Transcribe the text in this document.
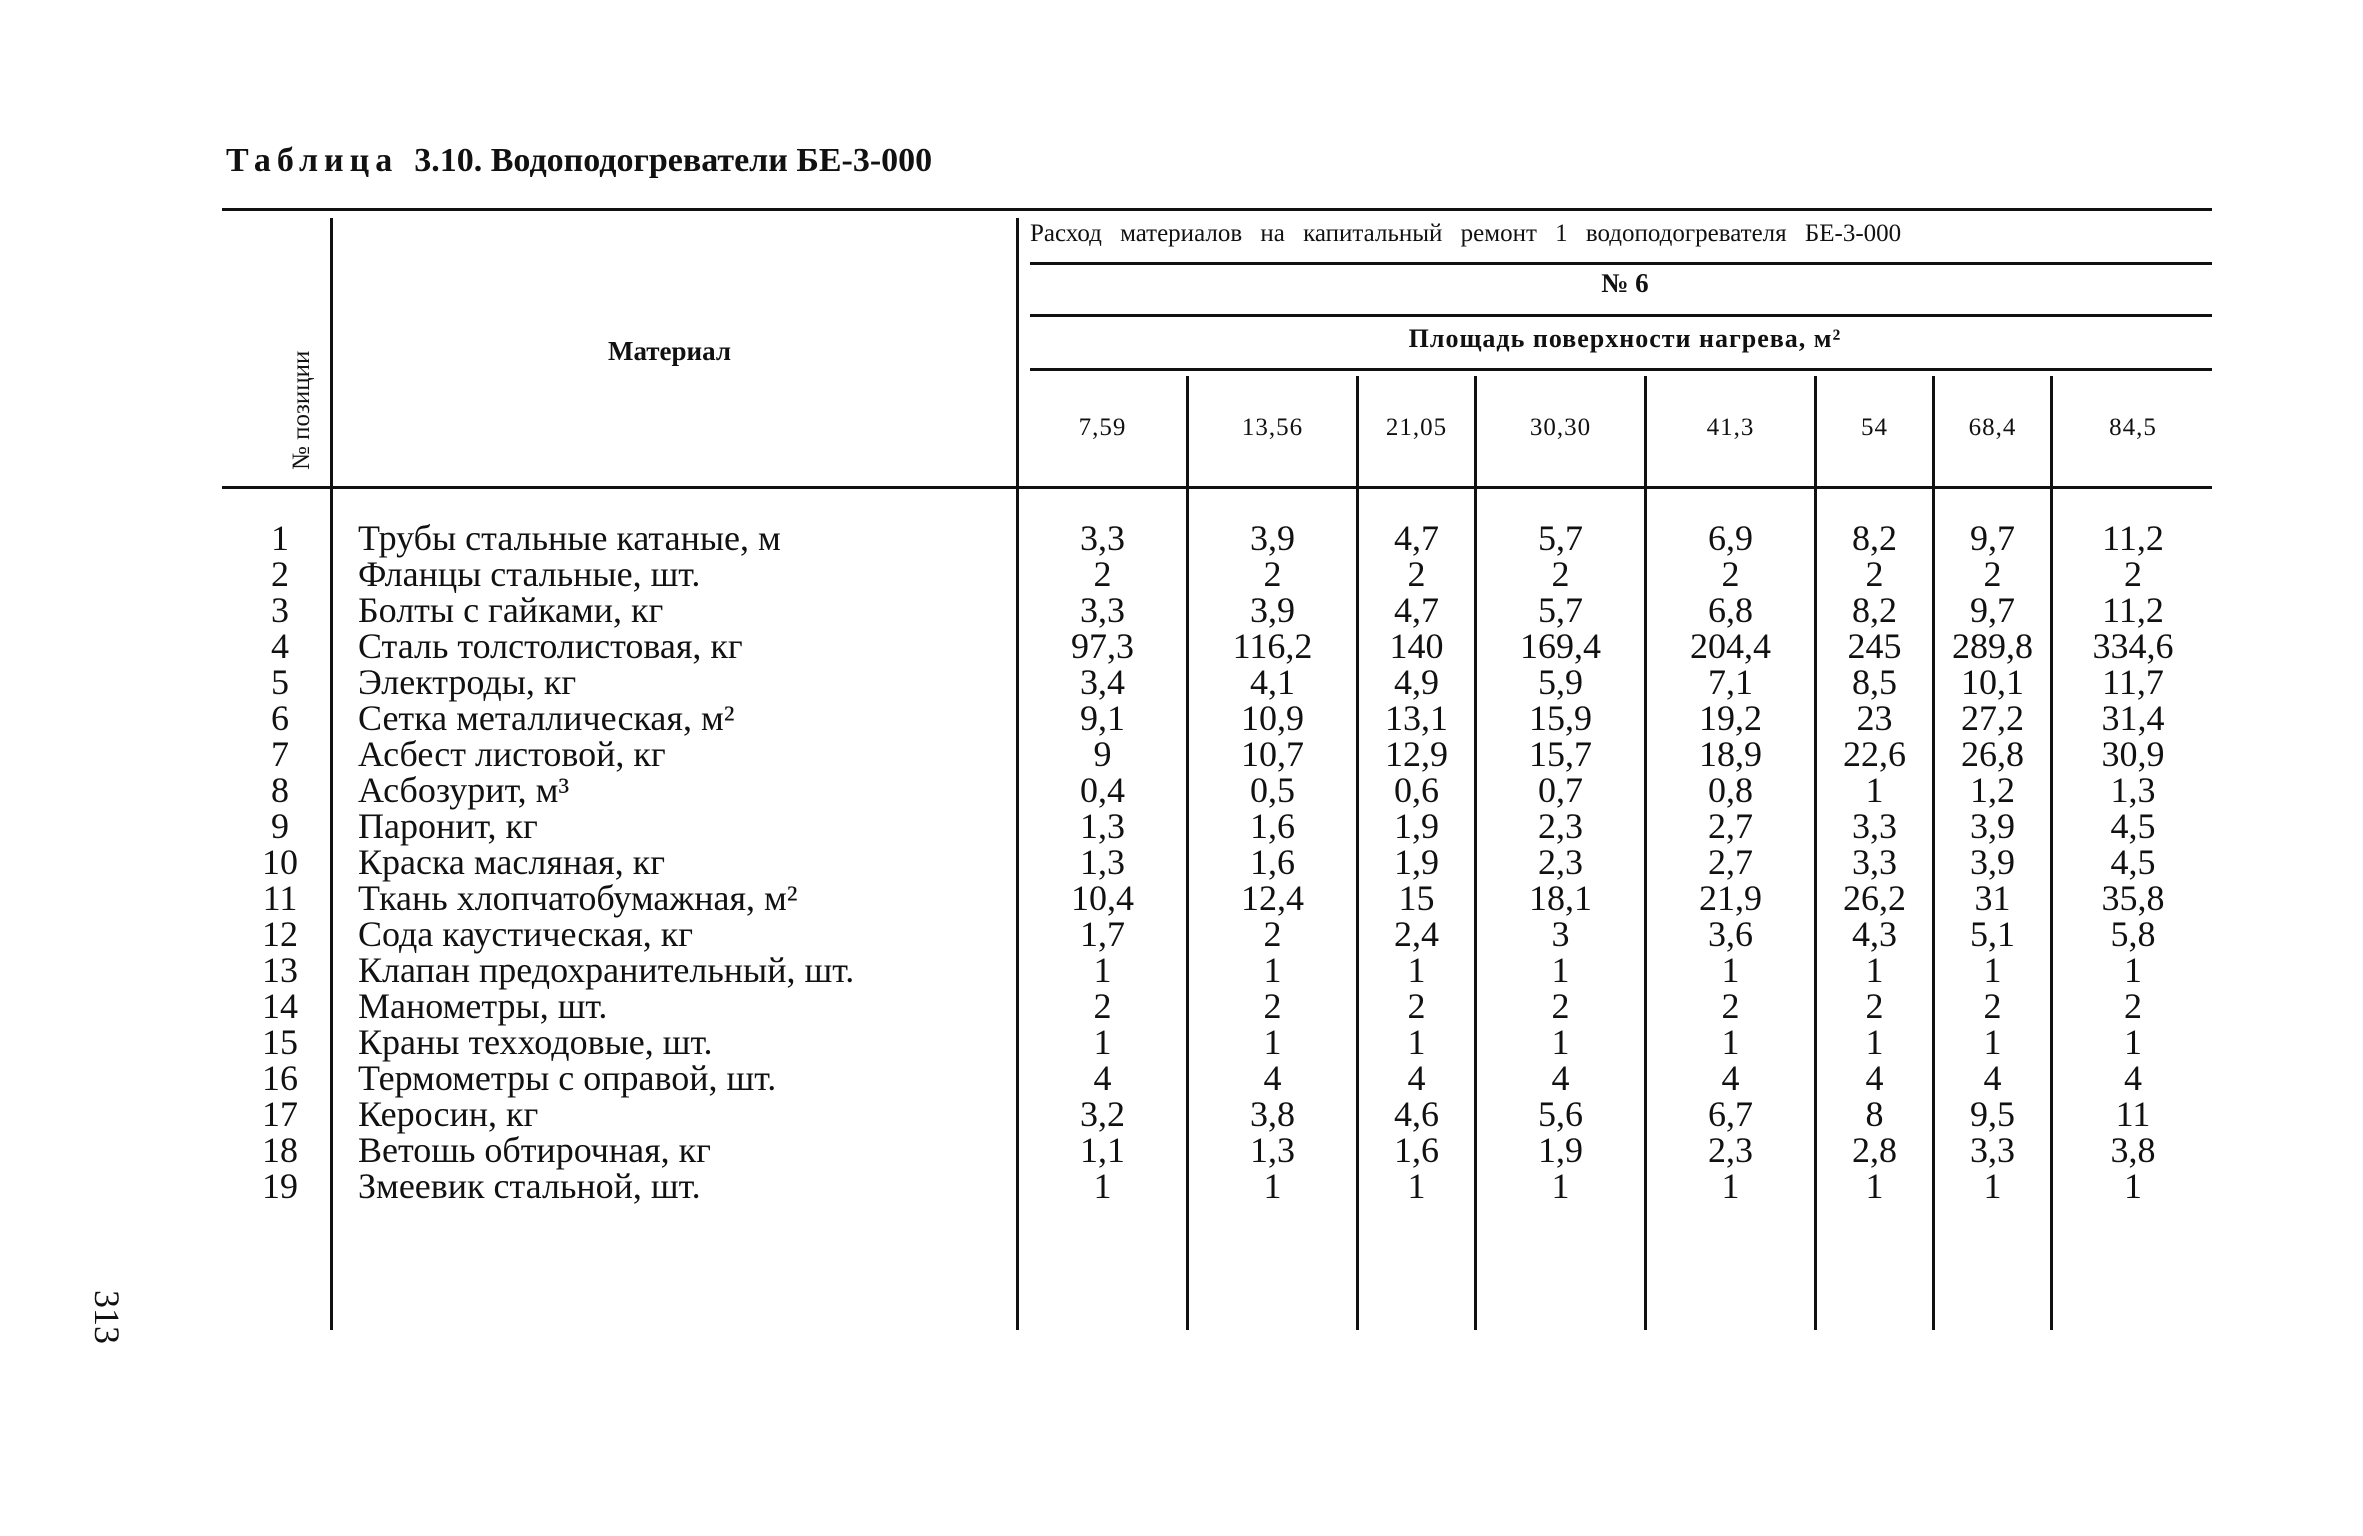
Таблица 3.10. Водоподогреватели БЕ-3-000
313
№ позиции	Материал
Расход материалов на капитальный ремонт 1 водоподогревателя БЕ-3-000
№ 6
Площадь поверхности нагрева, м²
7,59	13,56	21,05	30,30	41,3	54	68,4	84,5
1	Трубы стальные катаные, м	3,3	3,9	4,7	5,7	6,9	8,2	9,7	11,2
2	Фланцы стальные, шт.	2	2	2	2	2	2	2	2
3	Болты с гайками, кг	3,3	3,9	4,7	5,7	6,8	8,2	9,7	11,2
4	Сталь толстолистовая, кг	97,3	116,2	140	169,4	204,4	245	289,8	334,6
5	Электроды, кг	3,4	4,1	4,9	5,9	7,1	8,5	10,1	11,7
6	Сетка металлическая, м²	9,1	10,9	13,1	15,9	19,2	23	27,2	31,4
7	Асбест листовой, кг	9	10,7	12,9	15,7	18,9	22,6	26,8	30,9
8	Асбозурит, м³	0,4	0,5	0,6	0,7	0,8	1	1,2	1,3
9	Паронит, кг	1,3	1,6	1,9	2,3	2,7	3,3	3,9	4,5
10	Краска масляная, кг	1,3	1,6	1,9	2,3	2,7	3,3	3,9	4,5
11	Ткань хлопчатобумажная, м²	10,4	12,4	15	18,1	21,9	26,2	31	35,8
12	Сода каустическая, кг	1,7	2	2,4	3	3,6	4,3	5,1	5,8
13	Клапан предохранительный, шт.	1	1	1	1	1	1	1	1
14	Манометры, шт.	2	2	2	2	2	2	2	2
15	Краны техходовые, шт.	1	1	1	1	1	1	1	1
16	Термометры с оправой, шт.	4	4	4	4	4	4	4	4
17	Керосин, кг	3,2	3,8	4,6	5,6	6,7	8	9,5	11
18	Ветошь обтирочная, кг	1,1	1,3	1,6	1,9	2,3	2,8	3,3	3,8
19	Змеевик стальной, шт.	1	1	1	1	1	1	1	1
